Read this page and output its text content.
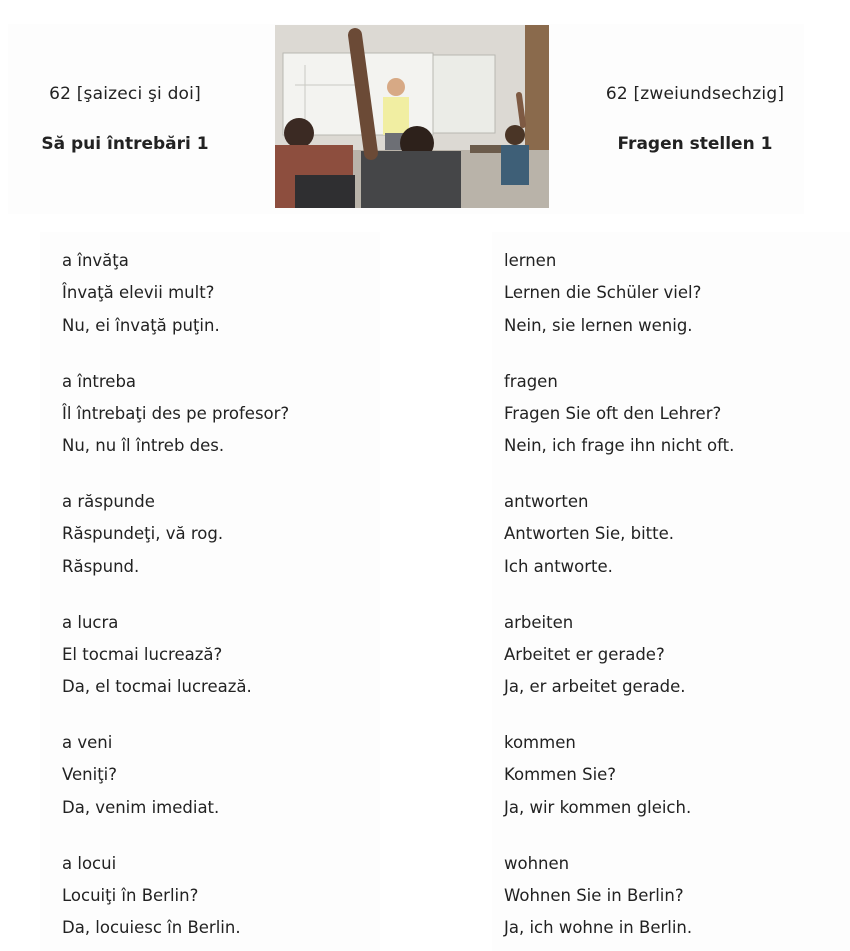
62 [şaizeci şi doi]
Să pui întrebări 1
62 [zweiundsechzig]
Fragen stellen 1
a învăţa
Învaţă elevii mult?
Nu, ei învaţă puţin.
a întreba
Îl întrebaţi des pe profesor?
Nu, nu îl întreb des.
a răspunde
Răspundeţi, vă rog.
Răspund.
a lucra
El tocmai lucrează?
Da, el tocmai lucrează.
a veni
Veniţi?
Da, venim imediat.
a locui
Locuiţi în Berlin?
Da, locuiesc în Berlin.
lernen
Lernen die Schüler viel?
Nein, sie lernen wenig.
fragen
Fragen Sie oft den Lehrer?
Nein, ich frage ihn nicht oft.
antworten
Antworten Sie, bitte.
Ich antworte.
arbeiten
Arbeitet er gerade?
Ja, er arbeitet gerade.
kommen
Kommen Sie?
Ja, wir kommen gleich.
wohnen
Wohnen Sie in Berlin?
Ja, ich wohne in Berlin.
